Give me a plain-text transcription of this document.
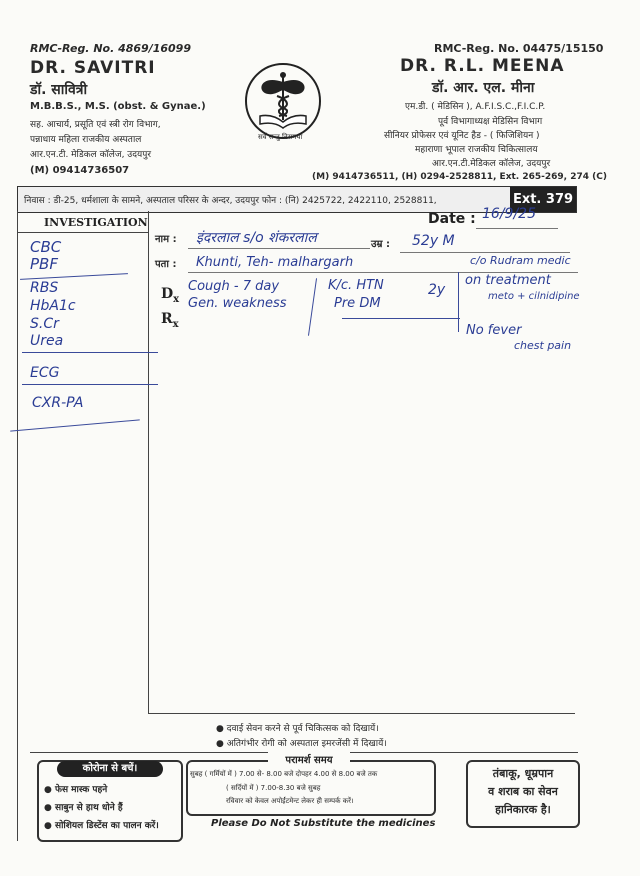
RMC-Reg. No. 4869/16099
DR. SAVITRI
डॉ. सावित्री
M.B.B.S., M.S. (obst. & Gynae.)
सह. आचार्य, प्रसूति एवं स्त्री रोग विभाग,
पन्नाधाय महिला राजकीय अस्पताल
आर.एन.टी. मेडिकल कॉलेज, उदयपुर
(M) 09414736507
सर्वे सन्तु निरामया
RMC-Reg. No. 04475/15150
DR. R.L. MEENA
डॉ. आर. एल. मीना
एम.डी. ( मेडिसिन ), A.F.I.S.C.,F.I.C.P.
पूर्व विभागाध्यक्ष मेडिसिन विभाग
सीनियर प्रोफेसर एवं यूनिट हैड - ( फिजिशियन )
महाराणा भूपाल राजकीय चिकित्सालय
आर.एन.टी.मेडिकल कॉलेज, उदयपुर
(M) 9414736511, (H) 0294-2528811, Ext. 265-269, 274 (C)
निवास : डी-25, धर्मशाला के सामने, अस्पताल परिसर के अन्दर, उदयपुर फोन : (नि) 2425722, 2422110, 2528811,	Ext. 379
INVESTIGATION
नाम :	उम्र :
Date :
पता :
$D_x$
$R_x$
इंदरलाल s/o शंकरलाल	52y M
16/9/25
Khunti, Teh- malhargarh	c/o Rudram medic
CBC
PBF
RBS
HbA1c
S.Cr
Urea
ECG
CXR-PA
Cough - 7 day
Gen. weakness
K/c. HTN
Pre DM
2y
on treatment
meto + cilnidipine
No fever
chest pain
● दवाई सेवन करने से पूर्व चिकित्सक को दिखायें।
● अतिगंभीर रोगी को अस्पताल इमरजेंसी में दिखायें।
कोरोना से बचें।
● फेस मास्क पहने
● साबुन से हाथ धोने हैं
● सोशियल डिस्टेंस का पालन करें।
परामर्श समय
सुबह ( गर्मियों में ) 7.00 से- 8.00 बजे दोपहर 4.00 से 8.00 बजे तक
( सर्दियों में ) 7.00-8.30 बजे सुबह
रविवार को केवल अपोईंटमेन्ट लेकर ही सम्पर्क करें।
Please Do Not Substitute the medicines
तंबाकू, धूम्रपान
व शराब का सेवन
हानिकारक है।
